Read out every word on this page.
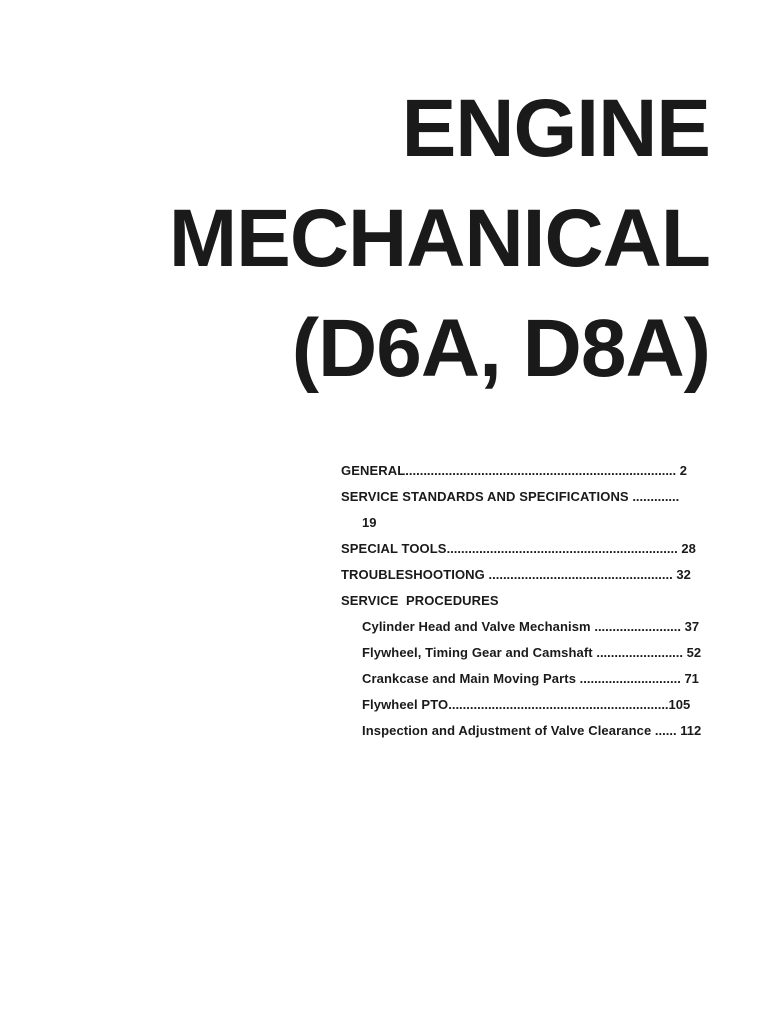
ENGINE
MECHANICAL
(D6A, D8A)
GENERAL........................................................................... 2
SERVICE STANDARDS AND SPECIFICATIONS .............
19
SPECIAL TOOLS................................................................ 28
TROUBLESHOOTIONG ................................................... 32
SERVICE  PROCEDURES
Cylinder Head and Valve Mechanism ........................ 37
Flywheel, Timing Gear and Camshaft ........................ 52
Crankcase and Main Moving Parts ............................ 71
Flywheel PTO.............................................................105
Inspection and Adjustment of Valve Clearance ...... 112
